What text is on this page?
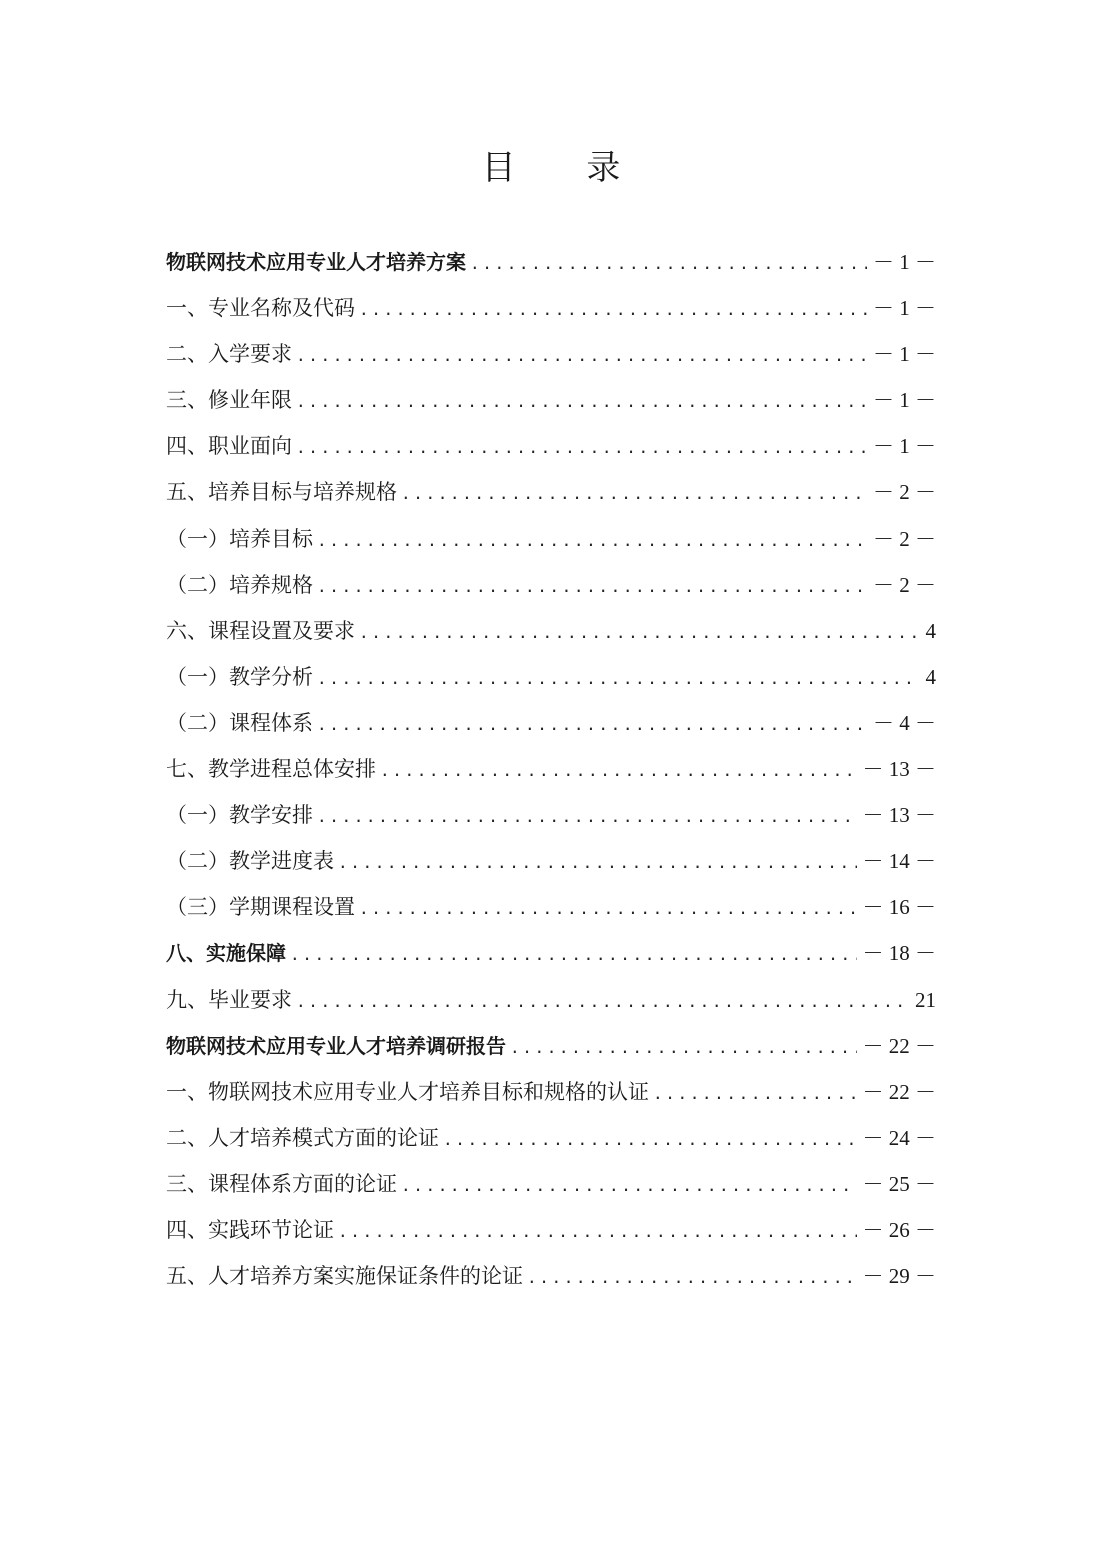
目 录
物联网技术应用专业人才培养方案 .....	－ 1 －
一、专业名称及代码 .....	－ 1 －
二、入学要求 .....	－ 1 －
三、修业年限 .....	－ 1 －
四、职业面向 .....	－ 1 －
五、培养目标与培养规格 .....	－ 2 －
（一）培养目标 .....	－ 2 －
（二）培养规格 .....	－ 2 －
六、课程设置及要求 .....	4
（一）教学分析 .....	4
（二）课程体系 .....	－ 4 －
七、教学进程总体安排 .....	－ 13 －
（一）教学安排 .....	－ 13 －
（二）教学进度表 .....	－ 14 －
（三）学期课程设置 .....	－ 16 －
八、实施保障 .....	－ 18 －
九、毕业要求 .....	21
物联网技术应用专业人才培养调研报告 .....	－ 22 －
一、物联网技术应用专业人才培养目标和规格的认证 .....	－ 22 －
二、人才培养模式方面的论证 .....	－ 24 －
三、课程体系方面的论证 .....	－ 25 －
四、实践环节论证 .....	－ 26 －
五、人才培养方案实施保证条件的论证 .....	－ 29 －
